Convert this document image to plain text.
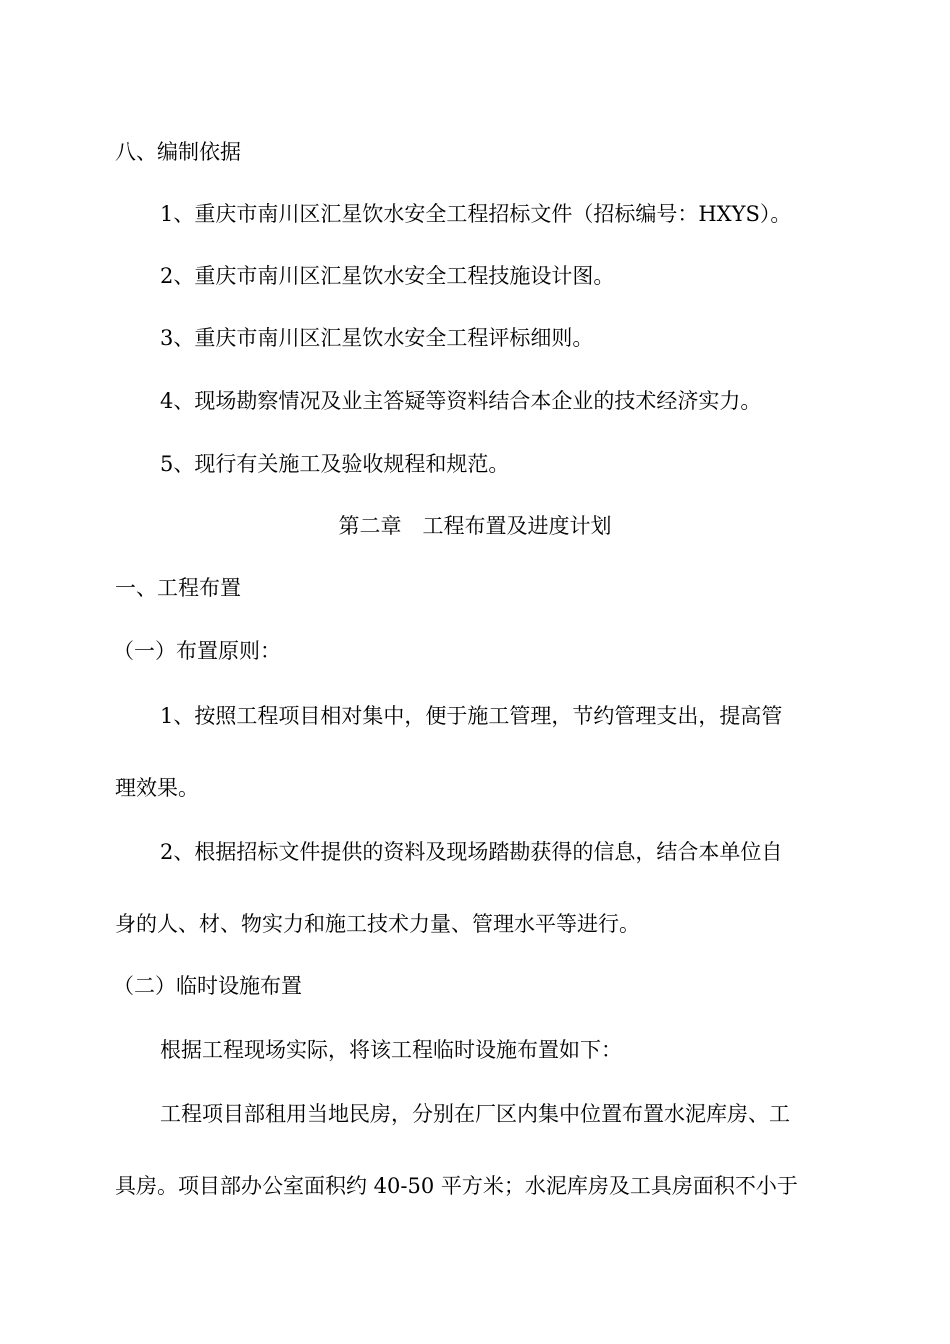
八、编制依据
1、重庆市南川区汇星饮水安全工程招标文件（招标编号：HXYS）。
2、重庆市南川区汇星饮水安全工程技施设计图。
3、重庆市南川区汇星饮水安全工程评标细则。
4、现场勘察情况及业主答疑等资料结合本企业的技术经济实力。
5、现行有关施工及验收规程和规范。
第二章　工程布置及进度计划
一、工程布置
（一）布置原则：
1、按照工程项目相对集中，便于施工管理，节约管理支出，提高管
理效果。
2、根据招标文件提供的资料及现场踏勘获得的信息，结合本单位自
身的人、材、物实力和施工技术力量、管理水平等进行。
（二）临时设施布置
根据工程现场实际，将该工程临时设施布置如下：
工程项目部租用当地民房，分别在厂区内集中位置布置水泥库房、工
具房。项目部办公室面积约 40-50 平方米；水泥库房及工具房面积不小于
